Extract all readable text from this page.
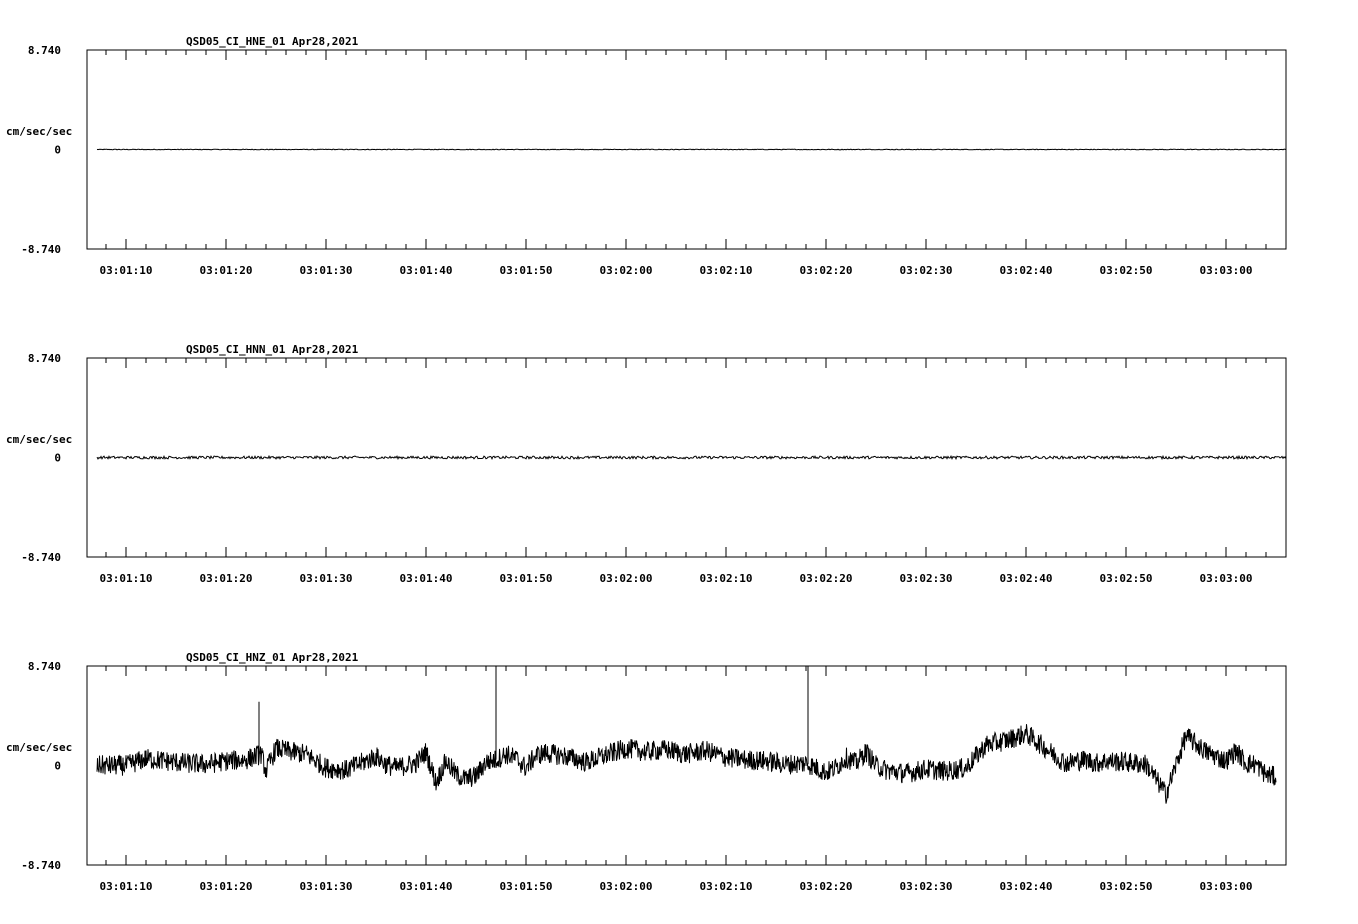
QSD05_CI_HNE_01 Apr28,2021
8.740
0
-8.740
cm/sec/sec
03:01:10	03:01:20	03:01:30	03:01:40	03:01:50	03:02:00	03:02:10	03:02:20	03:02:30	03:02:40	03:02:50	03:03:00
QSD05_CI_HNN_01 Apr28,2021
8.740
0
-8.740
cm/sec/sec
03:01:10	03:01:20	03:01:30	03:01:40	03:01:50	03:02:00	03:02:10	03:02:20	03:02:30	03:02:40	03:02:50	03:03:00
QSD05_CI_HNZ_01 Apr28,2021
8.740
0
-8.740
cm/sec/sec
03:01:10	03:01:20	03:01:30	03:01:40	03:01:50	03:02:00	03:02:10	03:02:20	03:02:30	03:02:40	03:02:50	03:03:00
